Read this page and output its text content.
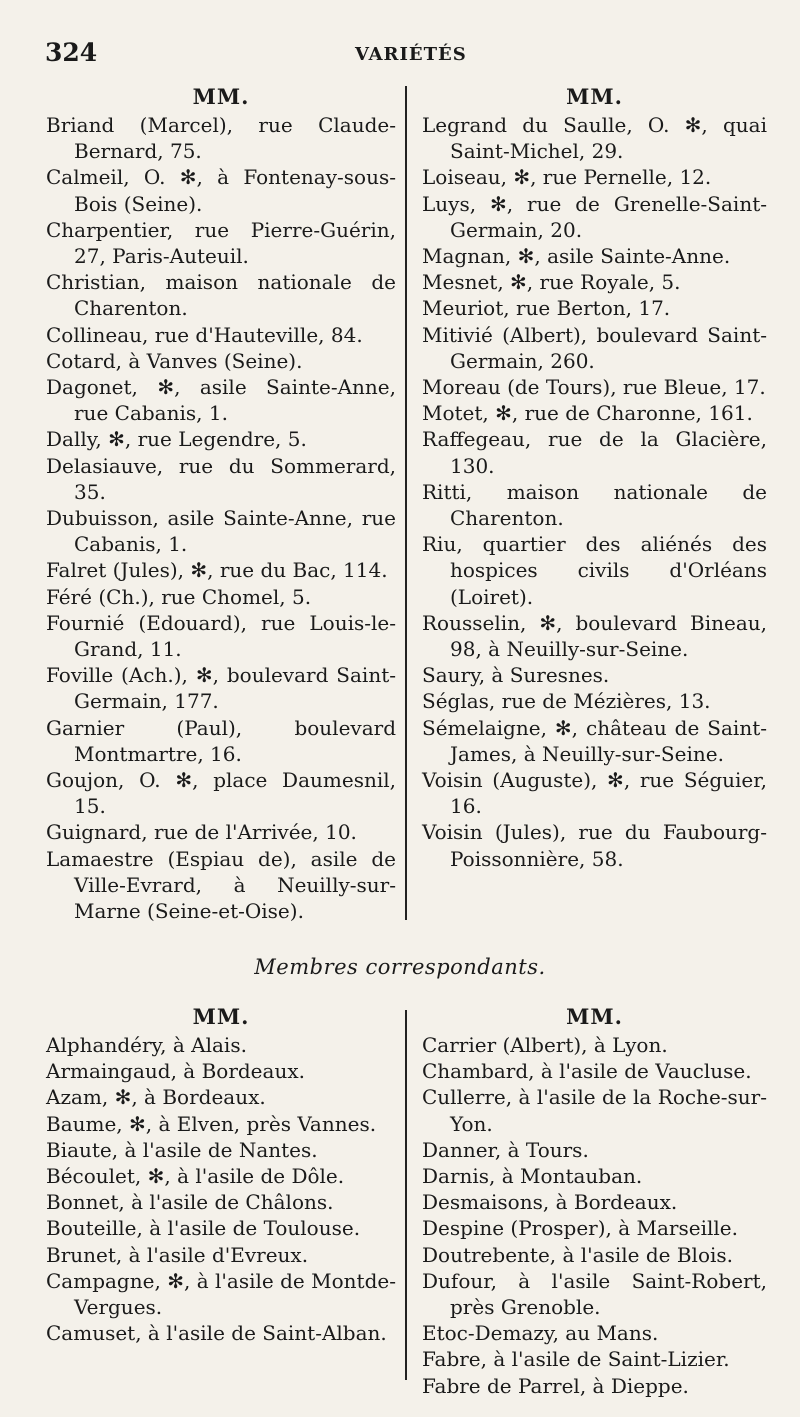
324	VARIÉTÉS
MM.
Briand (Marcel), rue Claude-Bernard, 75.
Calmeil, O. ✻, à Fontenay-sous-Bois (Seine).
Charpentier, rue Pierre-Guérin, 27, Paris-Auteuil.
Christian, maison nationale de Charenton.
Collineau, rue d'Hauteville, 84.
Cotard, à Vanves (Seine).
Dagonet, ✻, asile Sainte-Anne, rue Cabanis, 1.
Dally, ✻, rue Legendre, 5.
Delasiauve, rue du Sommerard, 35.
Dubuisson, asile Sainte-Anne, rue Cabanis, 1.
Falret (Jules), ✻, rue du Bac, 114.
Féré (Ch.), rue Chomel, 5.
Fournié (Edouard), rue Louis-le-Grand, 11.
Foville (Ach.), ✻, boulevard Saint-Germain, 177.
Garnier (Paul), boulevard Montmartre, 16.
Goujon, O. ✻, place Daumesnil, 15.
Guignard, rue de l'Arrivée, 10.
Lamaestre (Espiau de), asile de Ville-Evrard, à Neuilly-sur-Marne (Seine-et-Oise).
MM.
Legrand du Saulle, O. ✻, quai Saint-Michel, 29.
Loiseau, ✻, rue Pernelle, 12.
Luys, ✻, rue de Grenelle-Saint-Germain, 20.
Magnan, ✻, asile Sainte-Anne.
Mesnet, ✻, rue Royale, 5.
Meuriot, rue Berton, 17.
Mitivié (Albert), boulevard Saint-Germain, 260.
Moreau (de Tours), rue Bleue, 17.
Motet, ✻, rue de Charonne, 161.
Raffegeau, rue de la Glacière, 130.
Ritti, maison nationale de Charenton.
Riu, quartier des aliénés des hospices civils d'Orléans (Loiret).
Rousselin, ✻, boulevard Bineau, 98, à Neuilly-sur-Seine.
Saury, à Suresnes.
Séglas, rue de Mézières, 13.
Sémelaigne, ✻, château de Saint-James, à Neuilly-sur-Seine.
Voisin (Auguste), ✻, rue Séguier, 16.
Voisin (Jules), rue du Faubourg-Poissonnière, 58.
Membres correspondants.
MM.
Alphandéry, à Alais.
Armaingaud, à Bordeaux.
Azam, ✻, à Bordeaux.
Baume, ✻, à Elven, près Vannes.
Biaute, à l'asile de Nantes.
Bécoulet, ✻, à l'asile de Dôle.
Bonnet, à l'asile de Châlons.
Bouteille, à l'asile de Toulouse.
Brunet, à l'asile d'Evreux.
Campagne, ✻, à l'asile de Montde-Vergues.
Camuset, à l'asile de Saint-Alban.
MM.
Carrier (Albert), à Lyon.
Chambard, à l'asile de Vaucluse.
Cullerre, à l'asile de la Roche-sur-Yon.
Danner, à Tours.
Darnis, à Montauban.
Desmaisons, à Bordeaux.
Despine (Prosper), à Marseille.
Doutrebente, à l'asile de Blois.
Dufour, à l'asile Saint-Robert, près Grenoble.
Etoc-Demazy, au Mans.
Fabre, à l'asile de Saint-Lizier.
Fabre de Parrel, à Dieppe.
